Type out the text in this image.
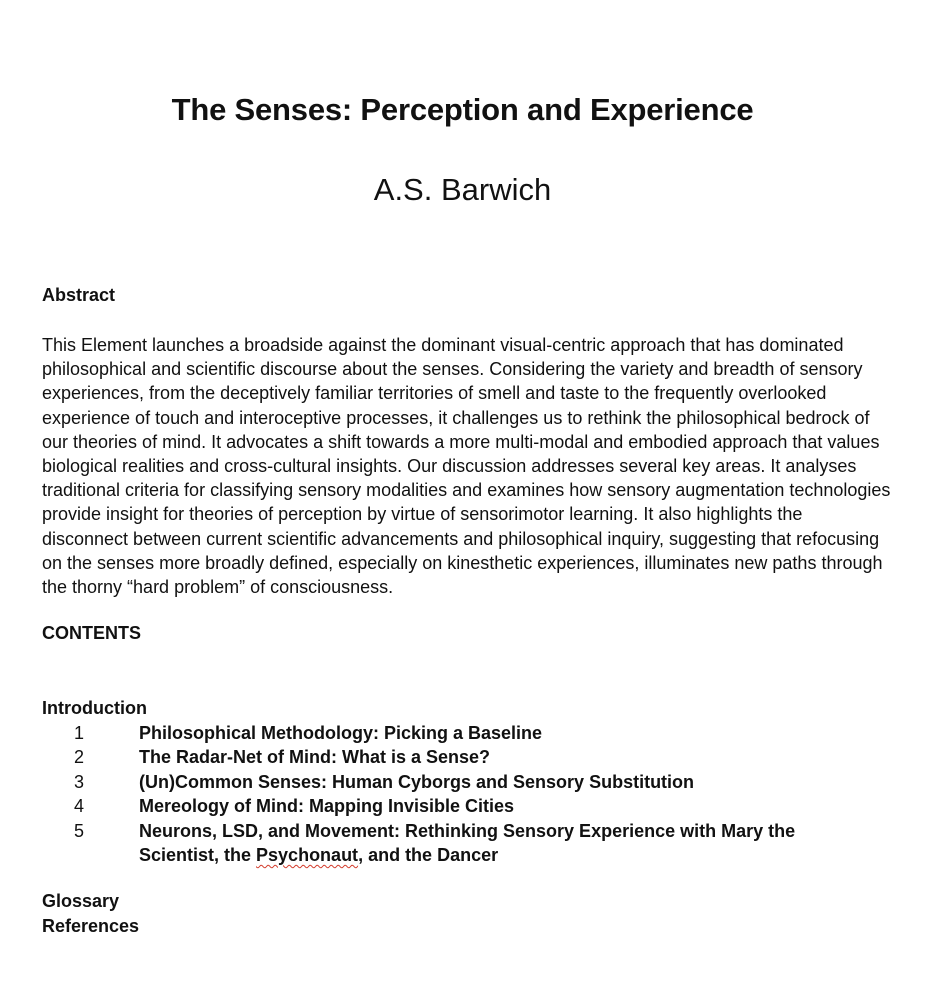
The Senses: Perception and Experience
A.S. Barwich
Abstract

This Element launches a broadside against the dominant visual-centric approach that has dominated philosophical and scientific discourse about the senses. Considering the variety and breadth of sensory experiences, from the deceptively familiar territories of smell and taste to the frequently overlooked experience of touch and interoceptive processes, it challenges us to rethink the philosophical bedrock of our theories of mind. It advocates a shift towards a more multi-modal and embodied approach that values biological realities and cross-cultural insights. Our discussion addresses several key areas. It analyses traditional criteria for classifying sensory modalities and examines how sensory augmentation technologies provide insight for theories of perception by virtue of sensorimotor learning. It also highlights the disconnect between current scientific advancements and philosophical inquiry, suggesting that refocusing on the senses more broadly defined, especially on kinesthetic experiences, illuminates new paths through the thorny “hard problem” of consciousness.

CONTENTS
Introduction
1	Philosophical Methodology: Picking a Baseline
2	The Radar-Net of Mind: What is a Sense?
3	(Un)Common Senses: Human Cyborgs and Sensory Substitution
4	Mereology of Mind: Mapping Invisible Cities
5	Neurons, LSD, and Movement: Rethinking Sensory Experience with Mary the Scientist, the Psychonaut, and the Dancer
Glossary
References
